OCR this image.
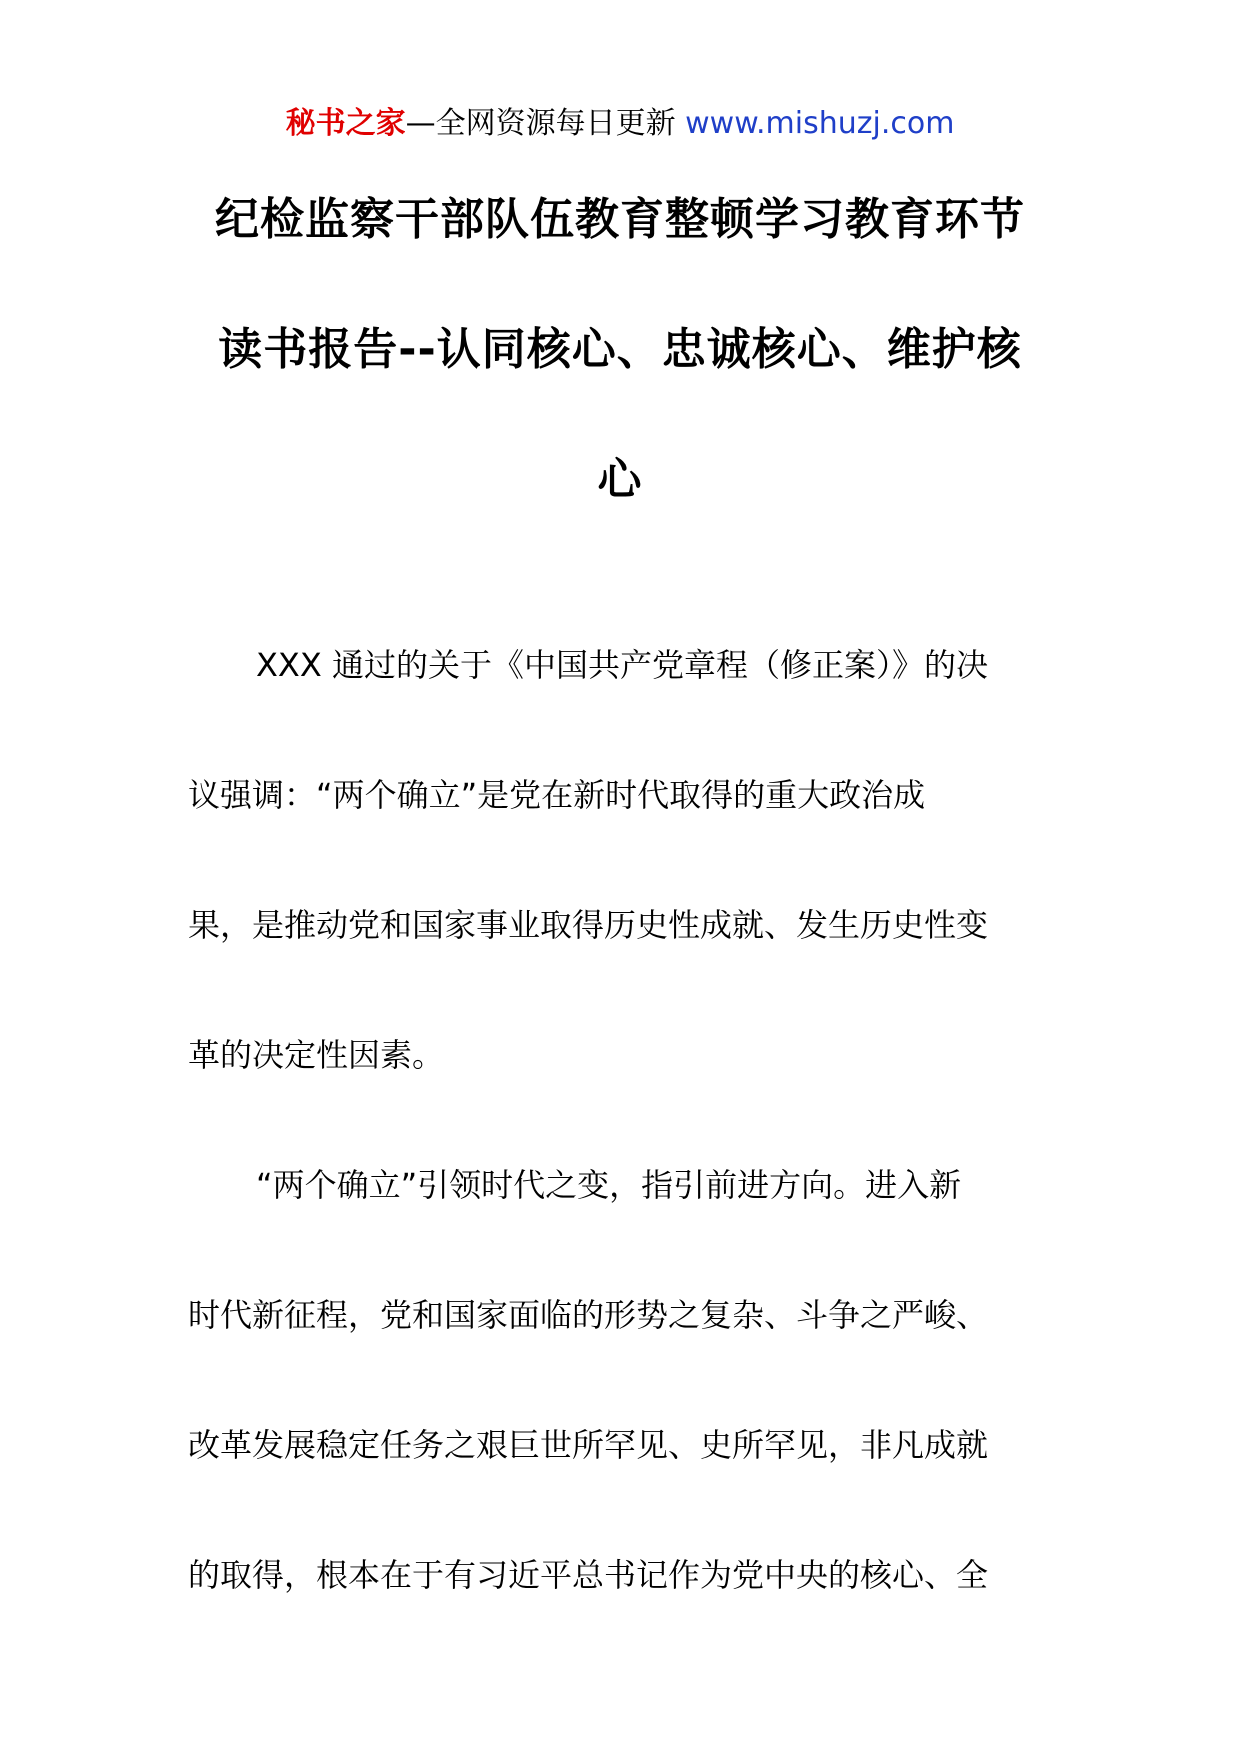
秘书之家—全网资源每日更新 www.mishuzj.com
纪检监察干部队伍教育整顿学习教育环节
读书报告--认同核心、忠诚核心、维护核
心
XXX 通过的关于《中国共产党章程（修正案）》的决
议强调：“两个确立”是党在新时代取得的重大政治成
果，是推动党和国家事业取得历史性成就、发生历史性变
革的决定性因素。
“两个确立”引领时代之变，指引前进方向。进入新
时代新征程，党和国家面临的形势之复杂、斗争之严峻、
改革发展稳定任务之艰巨世所罕见、史所罕见，非凡成就
的取得，根本在于有习近平总书记作为党中央的核心、全
